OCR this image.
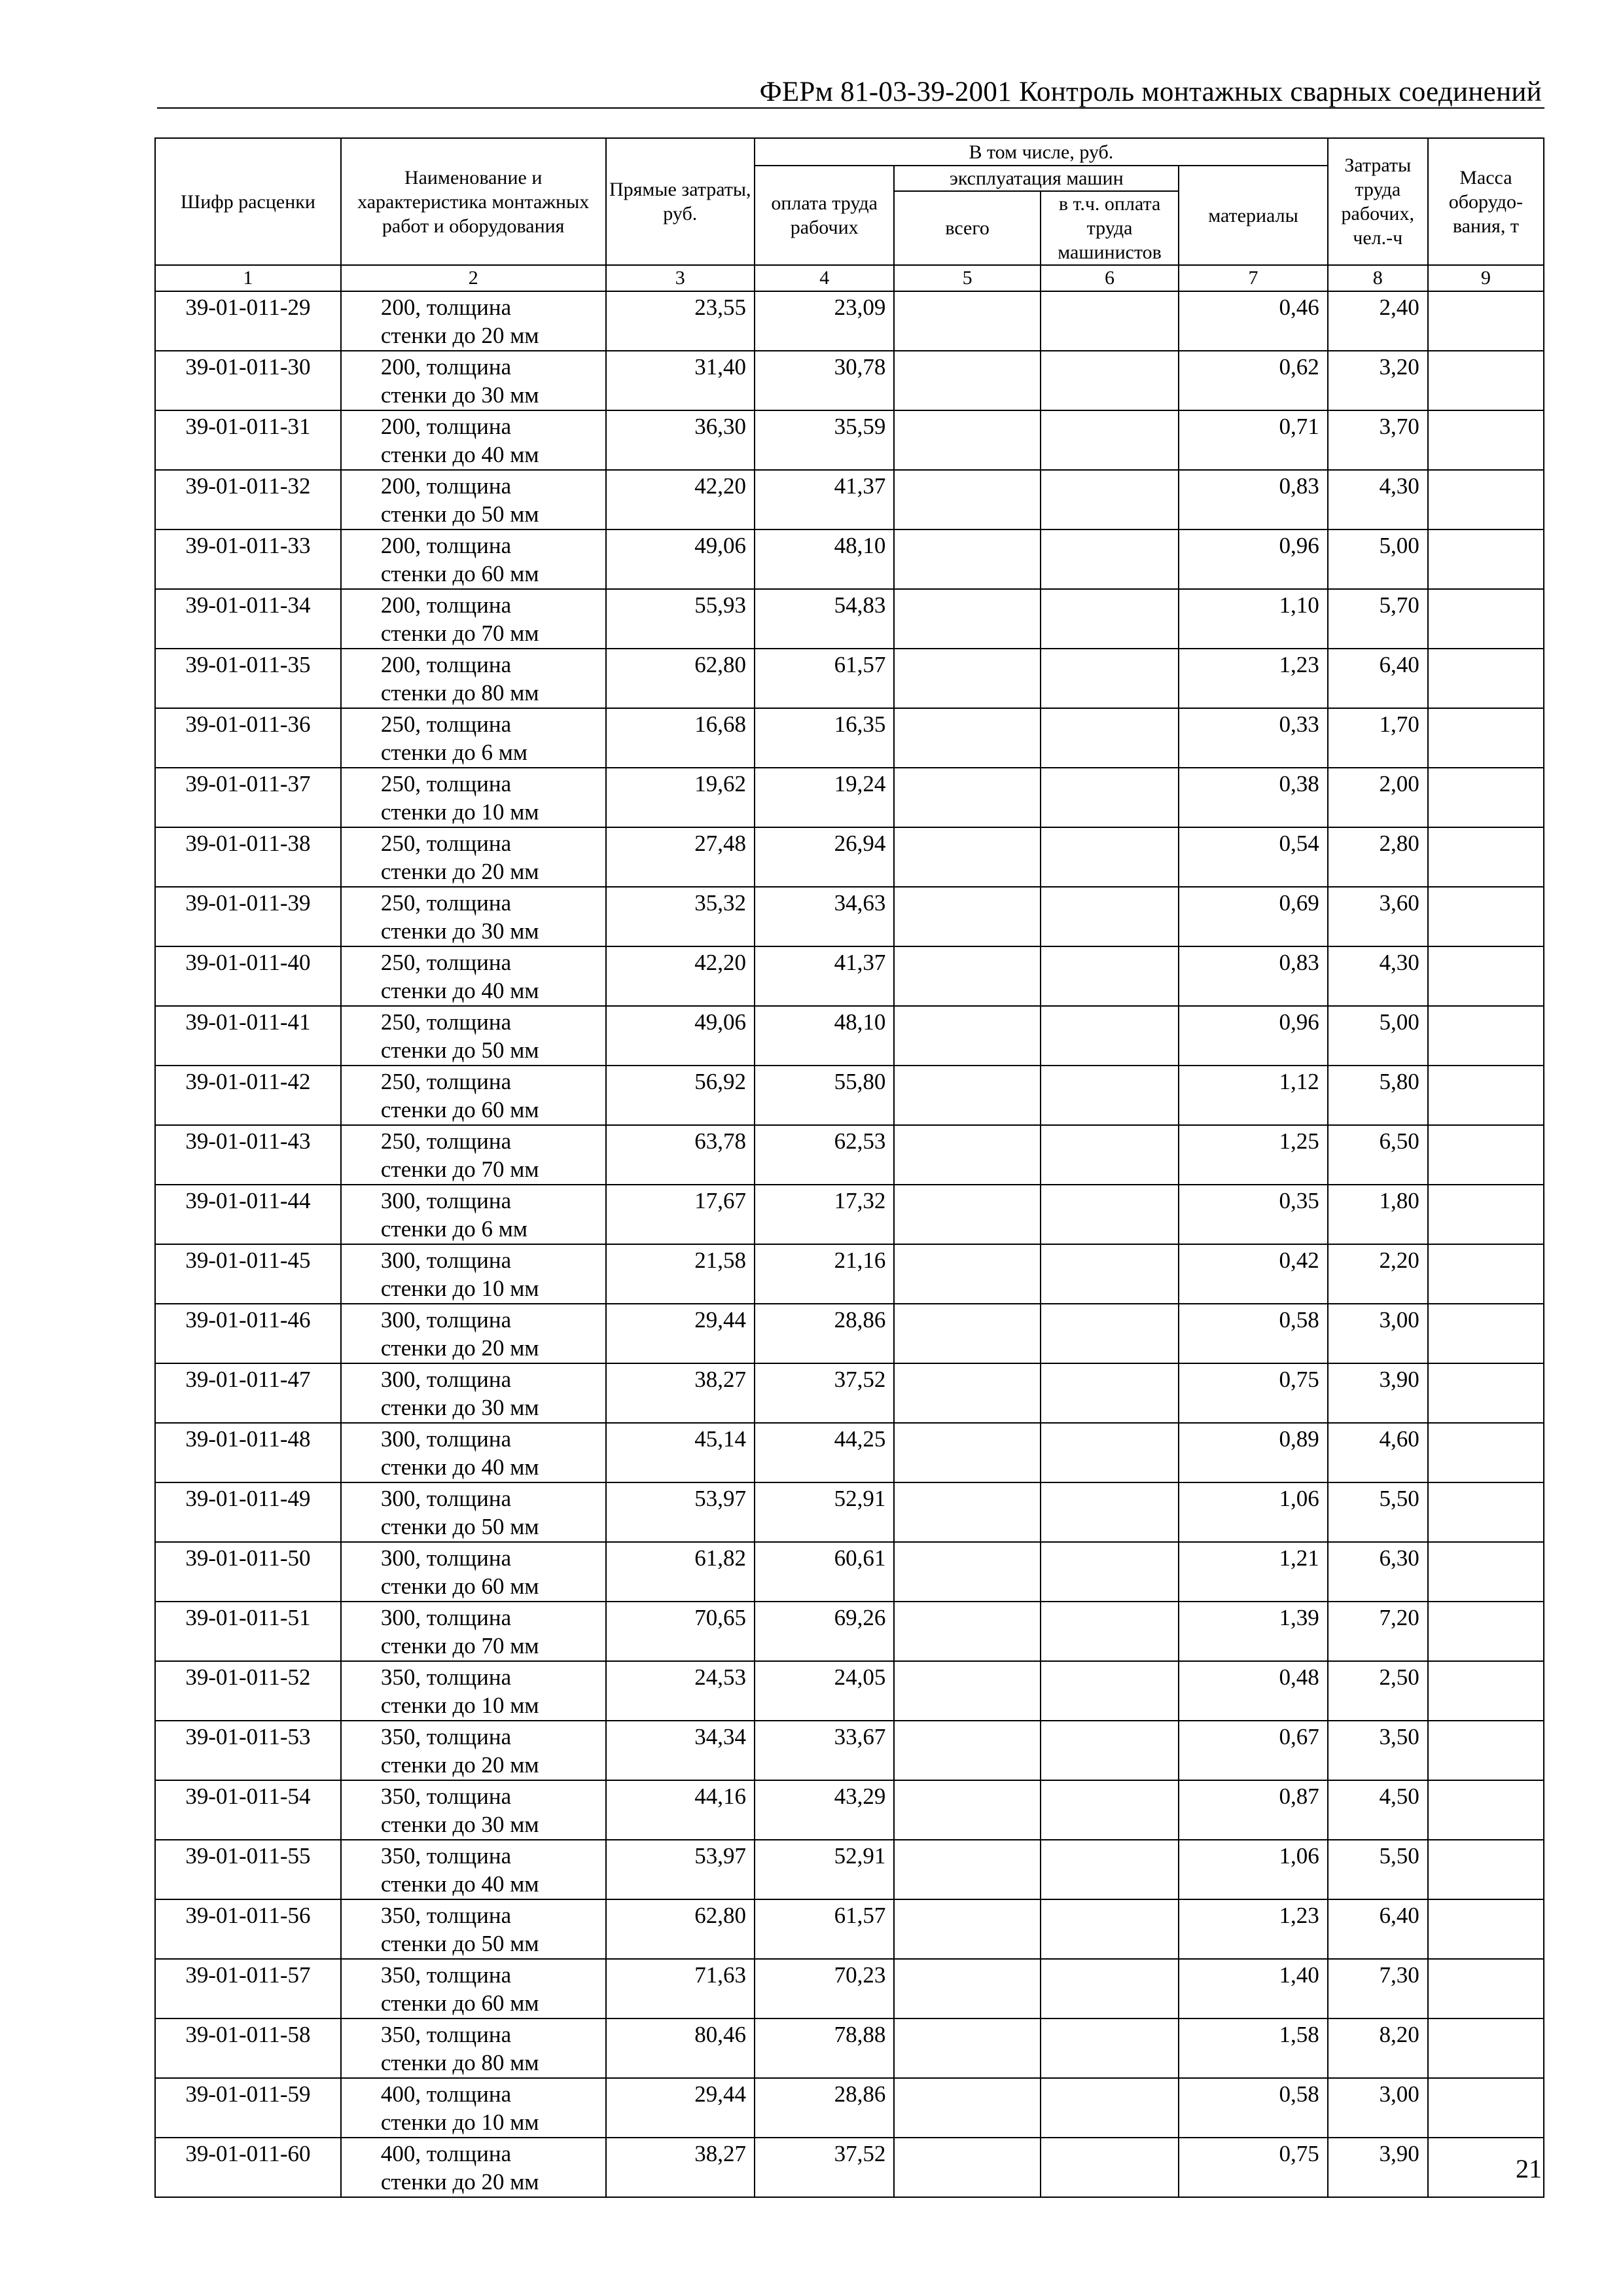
ФЕРм 81-03-39-2001 Контроль монтажных сварных соединений
Шифр расценки	Наименование и характеристика монтажных работ и оборудования	Прямые затраты, руб.	В том числе, руб.				Затраты труда рабочих, чел.-ч	Масса оборудо-вания, т
			оплата труда рабочих	эксплуатация машин		материалы		
				всего	в т.ч. оплата труда машинистов			
1	2	3	4	5	6	7	8	9
39-01-011-29	200, толщина
стенки до 20 мм	23,55	23,09			0,46	2,40	
39-01-011-30	200, толщина
стенки до 30 мм	31,40	30,78			0,62	3,20	
39-01-011-31	200, толщина
стенки до 40 мм	36,30	35,59			0,71	3,70	
39-01-011-32	200, толщина
стенки до 50 мм	42,20	41,37			0,83	4,30	
39-01-011-33	200, толщина
стенки до 60 мм	49,06	48,10			0,96	5,00	
39-01-011-34	200, толщина
стенки до 70 мм	55,93	54,83			1,10	5,70	
39-01-011-35	200, толщина
стенки до 80 мм	62,80	61,57			1,23	6,40	
39-01-011-36	250, толщина
стенки до 6 мм	16,68	16,35			0,33	1,70	
39-01-011-37	250, толщина
стенки до 10 мм	19,62	19,24			0,38	2,00	
39-01-011-38	250, толщина
стенки до 20 мм	27,48	26,94			0,54	2,80	
39-01-011-39	250, толщина
стенки до 30 мм	35,32	34,63			0,69	3,60	
39-01-011-40	250, толщина
стенки до 40 мм	42,20	41,37			0,83	4,30	
39-01-011-41	250, толщина
стенки до 50 мм	49,06	48,10			0,96	5,00	
39-01-011-42	250, толщина
стенки до 60 мм	56,92	55,80			1,12	5,80	
39-01-011-43	250, толщина
стенки до 70 мм	63,78	62,53			1,25	6,50	
39-01-011-44	300, толщина
стенки до 6 мм	17,67	17,32			0,35	1,80	
39-01-011-45	300, толщина
стенки до 10 мм	21,58	21,16			0,42	2,20	
39-01-011-46	300, толщина
стенки до 20 мм	29,44	28,86			0,58	3,00	
39-01-011-47	300, толщина
стенки до 30 мм	38,27	37,52			0,75	3,90	
39-01-011-48	300, толщина
стенки до 40 мм	45,14	44,25			0,89	4,60	
39-01-011-49	300, толщина
стенки до 50 мм	53,97	52,91			1,06	5,50	
39-01-011-50	300, толщина
стенки до 60 мм	61,82	60,61			1,21	6,30	
39-01-011-51	300, толщина
стенки до 70 мм	70,65	69,26			1,39	7,20	
39-01-011-52	350, толщина
стенки до 10 мм	24,53	24,05			0,48	2,50	
39-01-011-53	350, толщина
стенки до 20 мм	34,34	33,67			0,67	3,50	
39-01-011-54	350, толщина
стенки до 30 мм	44,16	43,29			0,87	4,50	
39-01-011-55	350, толщина
стенки до 40 мм	53,97	52,91			1,06	5,50	
39-01-011-56	350, толщина
стенки до 50 мм	62,80	61,57			1,23	6,40	
39-01-011-57	350, толщина
стенки до 60 мм	71,63	70,23			1,40	7,30	
39-01-011-58	350, толщина
стенки до 80 мм	80,46	78,88			1,58	8,20	
39-01-011-59	400, толщина
стенки до 10 мм	29,44	28,86			0,58	3,00	
39-01-011-60	400, толщина
стенки до 20 мм	38,27	37,52			0,75	3,90	
21
